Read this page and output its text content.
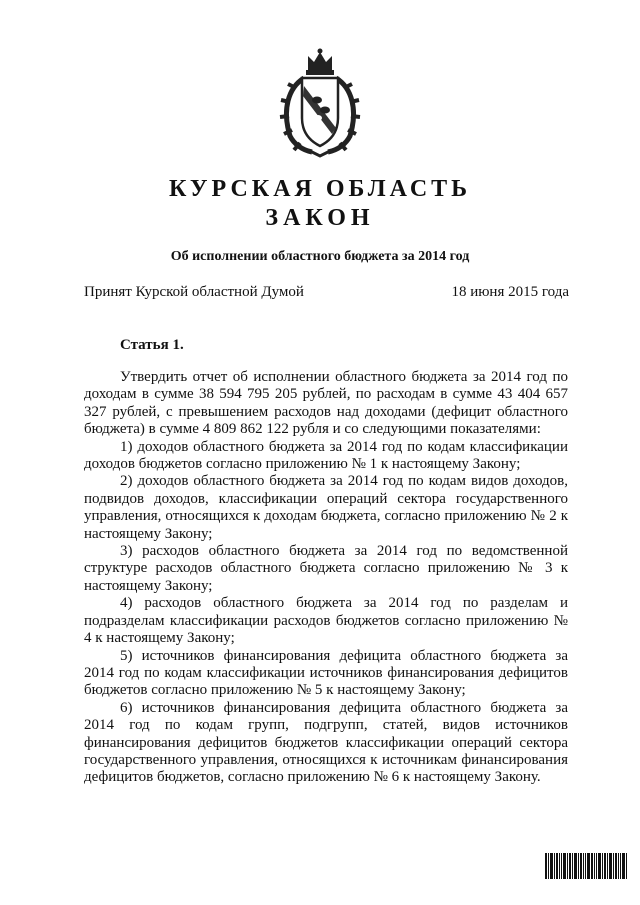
КУРСКАЯ ОБЛАСТЬ
ЗАКОН
Об исполнении областного бюджета за 2014 год
Принят Курской областной Думой	18 июня 2015 года
Статья 1.

Утвердить отчет об исполнении областного бюджета за 2014 год по доходам в сумме 38 594 795 205 рублей, по расходам в сумме 43 404 657 327 рублей, с превышением расходов над доходами (дефицит областного бюджета) в сумме 4 809 862 122 рубля и со следующими показателями:

1) доходов областного бюджета за 2014 год по кодам классификации доходов бюджетов согласно приложению № 1 к настоящему Закону;

2) доходов областного бюджета за 2014 год по кодам видов доходов, подвидов доходов, классификации операций сектора государственного управления, относящихся к доходам бюджета, согласно приложению № 2 к настоящему Закону;

3) расходов областного бюджета за 2014 год по ведомственной структуре расходов областного бюджета согласно приложению № 3 к настоящему Закону;

4) расходов областного бюджета за 2014 год по разделам и подразделам классификации расходов бюджетов согласно приложению № 4 к настоящему Закону;

5) источников финансирования дефицита областного бюджета за 2014 год по кодам классификации источников финансирования дефицитов бюджетов согласно приложению № 5 к настоящему Закону;

6) источников финансирования дефицита областного бюджета за 2014 год по кодам групп, подгрупп, статей, видов источников финансирования дефицитов бюджетов классификации операций сектора государственного управления, относящихся к источникам финансирования дефицитов бюджетов, согласно приложению № 6 к настоящему Закону.
